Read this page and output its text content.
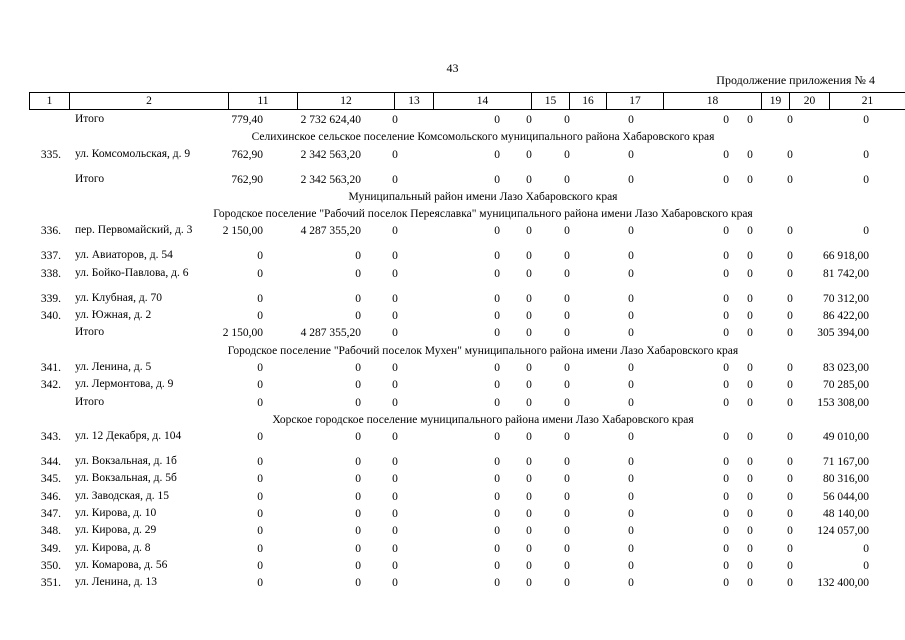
43
Продолжение приложения № 4
1	2	11	12	13	14	15	16	17	18	19	20	21
Итого	779,40	2 732 624,40	0	0	0	0	0	0	0	0	0
Селихинское сельское поселение Комсомольского муниципального района Хабаровского края
335. ул. Комсомольская, д. 9	762,90	2 342 563,20	0	0	0	0	0	0	0	0	0
Итого	762,90	2 342 563,20	0	0	0	0	0	0	0	0	0
Муниципальный район имени Лазо Хабаровского края
Городское поселение "Рабочий поселок Переяславка" муниципального района имени Лазо Хабаровского края
336. пер. Первомайский, д. 3	2 150,00	4 287 355,20	0	0	0	0	0	0	0	0	0
337. ул. Авиаторов, д. 54	0	0	0	0	0	0	0	0	0	0	66 918,00
338. ул. Бойко-Павлова, д. 6	0	0	0	0	0	0	0	0	0	0	81 742,00
339. ул. Клубная, д. 70	0	0	0	0	0	0	0	0	0	0	70 312,00
340. ул. Южная, д. 2	0	0	0	0	0	0	0	0	0	0	86 422,00
Итого	2 150,00	4 287 355,20	0	0	0	0	0	0	0	0	305 394,00
Городское поселение "Рабочий поселок Мухен" муниципального района имени Лазо Хабаровского края
341. ул. Ленина, д. 5	0	0	0	0	0	0	0	0	0	0	83 023,00
342. ул. Лермонтова, д. 9	0	0	0	0	0	0	0	0	0	0	70 285,00
Итого	0	0	0	0	0	0	0	0	0	0	153 308,00
Хорское городское поселение муниципального района имени Лазо Хабаровского края
343. ул. 12 Декабря, д. 104	0	0	0	0	0	0	0	0	0	0	49 010,00
344. ул. Вокзальная, д. 1б	0	0	0	0	0	0	0	0	0	0	71 167,00
345. ул. Вокзальная, д. 5б	0	0	0	0	0	0	0	0	0	0	80 316,00
346. ул. Заводская, д. 15	0	0	0	0	0	0	0	0	0	0	56 044,00
347. ул. Кирова, д. 10	0	0	0	0	0	0	0	0	0	0	48 140,00
348. ул. Кирова, д. 29	0	0	0	0	0	0	0	0	0	0	124 057,00
349. ул. Кирова, д. 8	0	0	0	0	0	0	0	0	0	0	0
350. ул. Комарова, д. 56	0	0	0	0	0	0	0	0	0	0	0
351. ул. Ленина, д. 13	0	0	0	0	0	0	0	0	0	0	132 400,00
